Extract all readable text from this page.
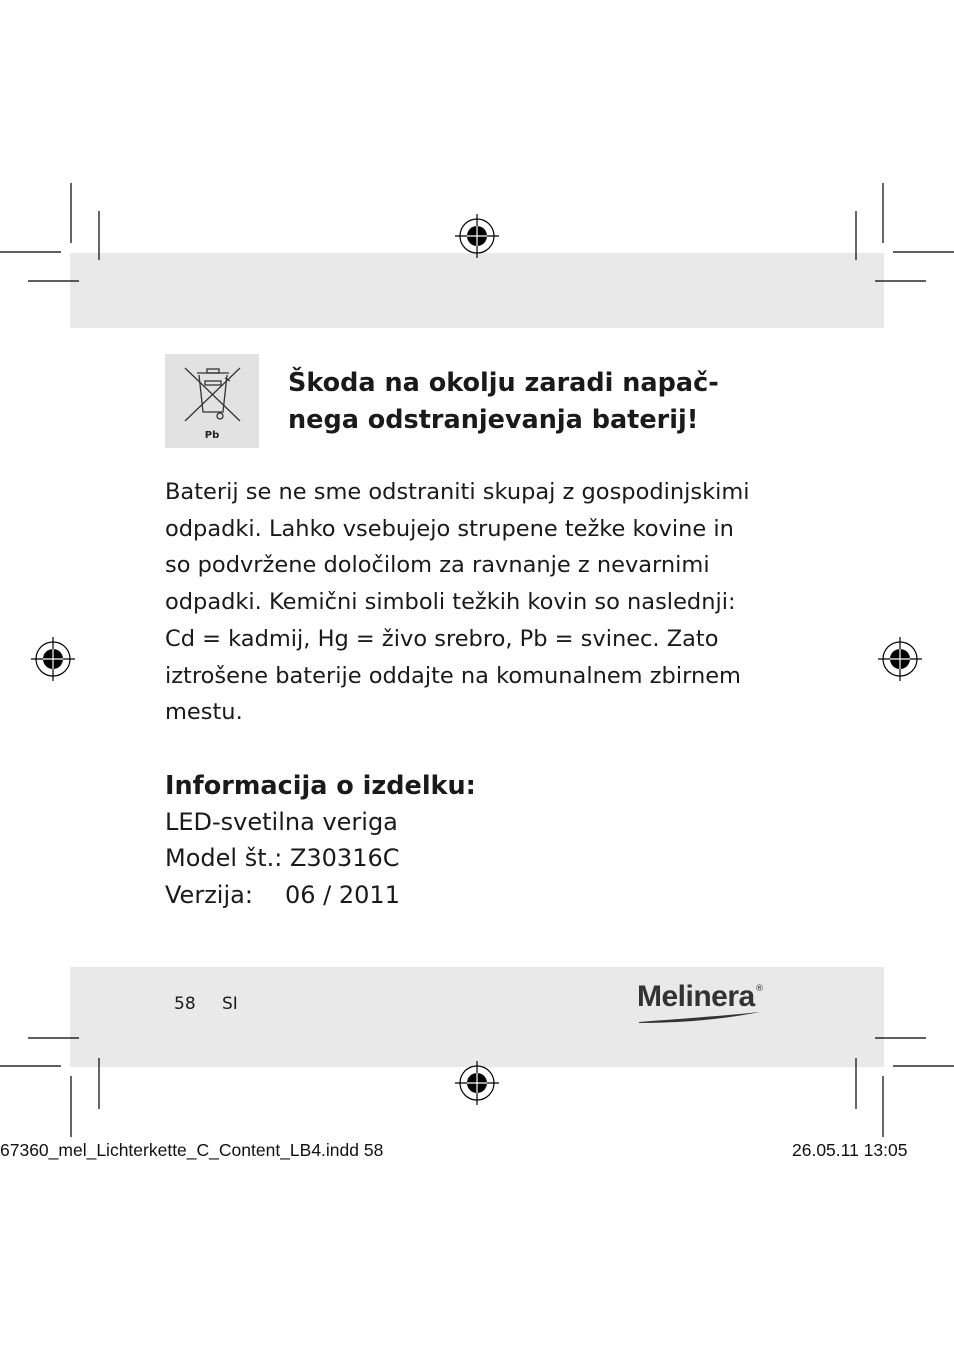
Pb
Škoda na okolju zaradi napač-
nega odstranjevanja baterij!

Baterij se ne sme odstraniti skupaj z gospodinjskimi
odpadki. Lahko vsebujejo strupene težke kovine in
so podvržene določilom za ravnanje z nevarnimi
odpadki. Kemični simboli težkih kovin so naslednji:
Cd = kadmij, Hg = živo srebro, Pb = svinec. Zato
iztrošene baterije oddajte na komunalnem zbirnem
mestu.

Informacija o izdelku:

LED-svetilna veriga

Model št.: Z30316C

Verzija: 06 / 2011

58 SI	Melinera ®
67360_mel_Lichterkette_C_Content_LB4.indd 58	26.05.11 13:05
